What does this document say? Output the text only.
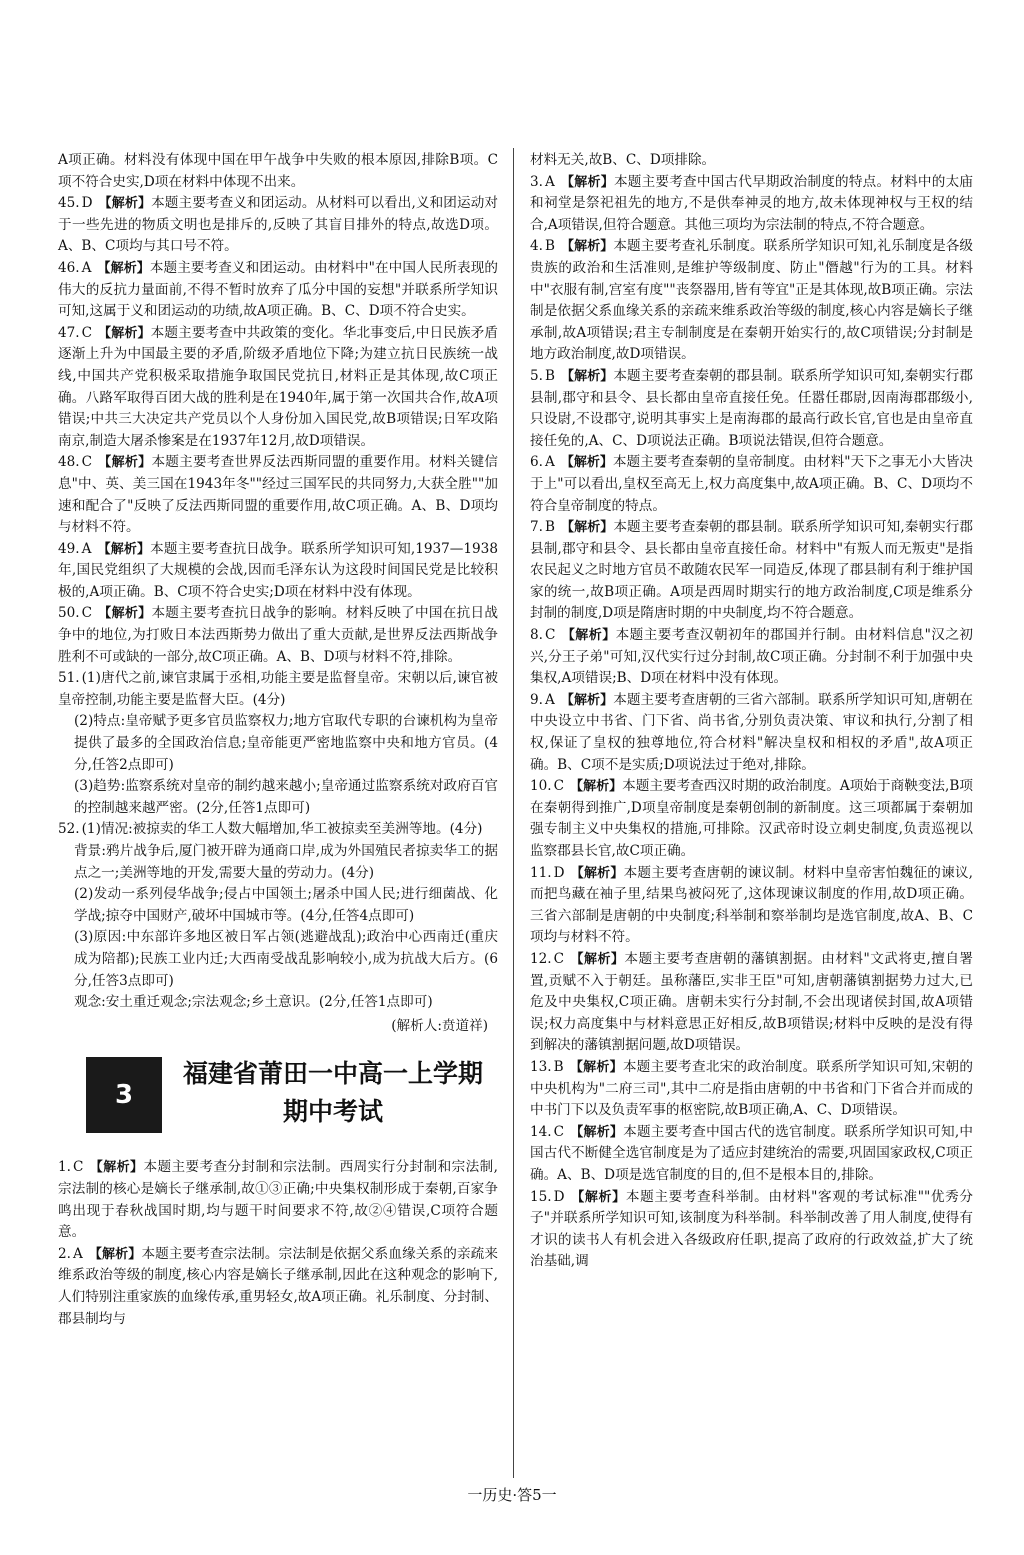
A项正确。材料没有体现中国在甲午战争中失败的根本原因,排除B项。C项不符合史实,D项在材料中体现不出来。

45. D 【解析】本题主要考查义和团运动。从材料可以看出,义和团运动对于一些先进的物质文明也是排斥的,反映了其盲目排外的特点,故选D项。A、B、C项均与其口号不符。

46. A 【解析】本题主要考查义和团运动。由材料中"在中国人民所表现的伟大的反抗力量面前,不得不暂时放弃了瓜分中国的妄想"并联系所学知识可知,这属于义和团运动的功绩,故A项正确。B、C、D项不符合史实。

47. C 【解析】本题主要考查中共政策的变化。华北事变后,中日民族矛盾逐渐上升为中国最主要的矛盾,阶级矛盾地位下降;为建立抗日民族统一战线,中国共产党积极采取措施争取国民党抗日,材料正是其体现,故C项正确。八路军取得百团大战的胜利是在1940年,属于第一次国共合作,故A项错误;中共三大决定共产党员以个人身份加入国民党,故B项错误;日军攻陷南京,制造大屠杀惨案是在1937年12月,故D项错误。

48. C 【解析】本题主要考查世界反法西斯同盟的重要作用。材料关键信息"中、英、美三国在1943年冬""经过三国军民的共同努力,大获全胜""加速和配合了"反映了反法西斯同盟的重要作用,故C项正确。A、B、D项均与材料不符。

49. A 【解析】本题主要考查抗日战争。联系所学知识可知,1937—1938年,国民党组织了大规模的会战,因而毛泽东认为这段时间国民党是比较积极的,A项正确。B、C项不符合史实;D项在材料中没有体现。

50. C 【解析】本题主要考查抗日战争的影响。材料反映了中国在抗日战争中的地位,为打败日本法西斯势力做出了重大贡献,是世界反法西斯战争胜利不可或缺的一部分,故C项正确。A、B、D项与材料不符,排除。

51. (1)唐代之前,谏官隶属于丞相,功能主要是监督皇帝。宋朝以后,谏官被皇帝控制,功能主要是监督大臣。(4分)

(2)特点:皇帝赋予更多官员监察权力;地方官取代专职的台谏机构为皇帝提供了最多的全国政治信息;皇帝能更严密地监察中央和地方官员。(4分,任答2点即可)

(3)趋势:监察系统对皇帝的制约越来越小;皇帝通过监察系统对政府百官的控制越来越严密。(2分,任答1点即可)

52. (1)情况:被掠卖的华工人数大幅增加,华工被掠卖至美洲等地。(4分)

背景:鸦片战争后,厦门被开辟为通商口岸,成为外国殖民者掠卖华工的据点之一;美洲等地的开发,需要大量的劳动力。(4分)

(2)发动一系列侵华战争;侵占中国领土;屠杀中国人民;进行细菌战、化学战;掠夺中国财产,破坏中国城市等。(4分,任答4点即可)

(3)原因:中东部许多地区被日军占领(逃避战乱);政治中心西南迁(重庆成为陪都);民族工业内迁;大西南受战乱影响较小,成为抗战大后方。(6分,任答3点即可)

观念:安土重迁观念;宗法观念;乡土意识。(2分,任答1点即可)

(解析人:贲道祥)
3
福建省莆田一中高一上学期
期中考试

1. C 【解析】本题主要考查分封制和宗法制。西周实行分封制和宗法制,宗法制的核心是嫡长子继承制,故①③正确;中央集权制形成于秦朝,百家争鸣出现于春秋战国时期,均与题干时间要求不符,故②④错误,C项符合题意。

2. A 【解析】本题主要考查宗法制。宗法制是依据父系血缘关系的亲疏来维系政治等级的制度,核心内容是嫡长子继承制,因此在这种观念的影响下,人们特别注重家族的血缘传承,重男轻女,故A项正确。礼乐制度、分封制、郡县制均与

材料无关,故B、C、D项排除。

3. A 【解析】本题主要考查中国古代早期政治制度的特点。材料中的太庙和祠堂是祭祀祖先的地方,不是供奉神灵的地方,故未体现神权与王权的结合,A项错误,但符合题意。其他三项均为宗法制的特点,不符合题意。

4. B 【解析】本题主要考查礼乐制度。联系所学知识可知,礼乐制度是各级贵族的政治和生活准则,是维护等级制度、防止"僭越"行为的工具。材料中"衣服有制,宫室有度""丧祭器用,皆有等宜"正是其体现,故B项正确。宗法制是依据父系血缘关系的亲疏来维系政治等级的制度,核心内容是嫡长子继承制,故A项错误;君主专制制度是在秦朝开始实行的,故C项错误;分封制是地方政治制度,故D项错误。

5. B 【解析】本题主要考查秦朝的郡县制。联系所学知识可知,秦朝实行郡县制,郡守和县令、县长都由皇帝直接任免。任嚣任郡尉,因南海郡郡级小,只设尉,不设郡守,说明其事实上是南海郡的最高行政长官,官也是由皇帝直接任免的,A、C、D项说法正确。B项说法错误,但符合题意。

6. A 【解析】本题主要考查秦朝的皇帝制度。由材料"天下之事无小大皆决于上"可以看出,皇权至高无上,权力高度集中,故A项正确。B、C、D项均不符合皇帝制度的特点。

7. B 【解析】本题主要考查秦朝的郡县制。联系所学知识可知,秦朝实行郡县制,郡守和县令、县长都由皇帝直接任命。材料中"有叛人而无叛吏"是指农民起义之时地方官员不敢随农民军一同造反,体现了郡县制有利于维护国家的统一,故B项正确。A项是西周时期实行的地方政治制度,C项是维系分封制的制度,D项是隋唐时期的中央制度,均不符合题意。

8. C 【解析】本题主要考查汉朝初年的郡国并行制。由材料信息"汉之初兴,分王子弟"可知,汉代实行过分封制,故C项正确。分封制不利于加强中央集权,A项错误;B、D项在材料中没有体现。

9. A 【解析】本题主要考查唐朝的三省六部制。联系所学知识可知,唐朝在中央设立中书省、门下省、尚书省,分别负责决策、审议和执行,分割了相权,保证了皇权的独尊地位,符合材料"解决皇权和相权的矛盾",故A项正确。B、C项不是实质;D项说法过于绝对,排除。

10. C 【解析】本题主要考查西汉时期的政治制度。A项始于商鞅变法,B项在秦朝得到推广,D项皇帝制度是秦朝创制的新制度。这三项都属于秦朝加强专制主义中央集权的措施,可排除。汉武帝时设立刺史制度,负责巡视以监察郡县长官,故C项正确。

11. D 【解析】本题主要考查唐朝的谏议制。材料中皇帝害怕魏征的谏议,而把鸟藏在袖子里,结果鸟被闷死了,这体现谏议制度的作用,故D项正确。三省六部制是唐朝的中央制度;科举制和察举制均是选官制度,故A、B、C项均与材料不符。

12. C 【解析】本题主要考查唐朝的藩镇割据。由材料"文武将吏,擅自署置,贡赋不入于朝廷。虽称藩臣,实非王臣"可知,唐朝藩镇割据势力过大,已危及中央集权,C项正确。唐朝未实行分封制,不会出现诸侯封国,故A项错误;权力高度集中与材料意思正好相反,故B项错误;材料中反映的是没有得到解决的藩镇割据问题,故D项错误。

13. B 【解析】本题主要考查北宋的政治制度。联系所学知识可知,宋朝的中央机构为"二府三司",其中二府是指由唐朝的中书省和门下省合并而成的中书门下以及负责军事的枢密院,故B项正确,A、C、D项错误。

14. C 【解析】本题主要考查中国古代的选官制度。联系所学知识可知,中国古代不断健全选官制度是为了适应封建统治的需要,巩固国家政权,C项正确。A、B、D项是选官制度的目的,但不是根本目的,排除。

15. D 【解析】本题主要考查科举制。由材料"客观的考试标准""优秀分子"并联系所学知识可知,该制度为科举制。科举制改善了用人制度,使得有才识的读书人有机会进入各级政府任职,提高了政府的行政效益,扩大了统治基础,调

一历史·答5一
